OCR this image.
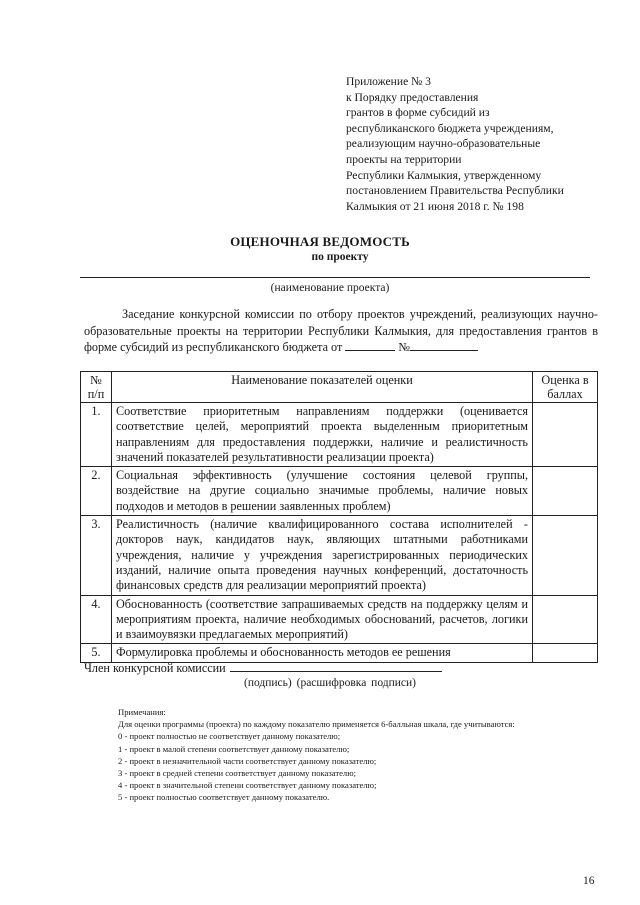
Приложение № 3
к Порядку предоставления
грантов в форме субсидий из
республиканского бюджета учреждениям,
реализующим научно-образовательные
проекты на территории
Республики Калмыкия, утвержденному
постановлением Правительства Республики
Калмыкия от 21 июня 2018 г. № 198
ОЦЕНОЧНАЯ ВЕДОМОСТЬ
по проекту
(наименование проекта)
Заседание конкурсной комиссии по отбору проектов учреждений, реализующих научно-образовательные проекты на территории Республики Калмыкия, для предоставления грантов в форме субсидий из республиканского бюджета от	№
№ п/п	Наименование показателей оценки	Оценка в баллах
1.	Соответствие приоритетным направлениям поддержки (оценивается соответствие целей, мероприятий проекта выделенным приоритетным направлениям для предоставления поддержки, наличие и реалистичность значений показателей результативности реализации проекта)	
2.	Социальная эффективность (улучшение состояния целевой группы, воздействие на другие социально значимые проблемы, наличие новых подходов и методов в решении заявленных проблем)	
3.	Реалистичность (наличие квалифицированного состава исполнителей - докторов наук, кандидатов наук, являющих штатными работниками учреждения, наличие у учреждения зарегистрированных периодических изданий, наличие опыта проведения научных конференций, достаточность финансовых средств для реализации мероприятий проекта)	
4.	Обоснованность (соответствие запрашиваемых средств на поддержку целям и мероприятиям проекта, наличие необходимых обоснований, расчетов, логики и взаимоувязки предлагаемых мероприятий)	
5.	Формулировка проблемы и обоснованность методов ее решения	
Член конкурсной комиссии
(подпись) (расшифровка подписи)
Примечания:
Для оценки программы (проекта) по каждому показателю применяется 6-балльная шкала, где учитываются:
0 - проект полностью не соответствует данному показателю;
1 - проект в малой степени соответствует данному показателю;
2 - проект в незначительной части соответствует данному показателю;
3 - проект в средней степени соответствует данному показателю;
4 - проект в значительной степени соответствует данному показателю;
5 - проект полностью соответствует данному показателю.
16
